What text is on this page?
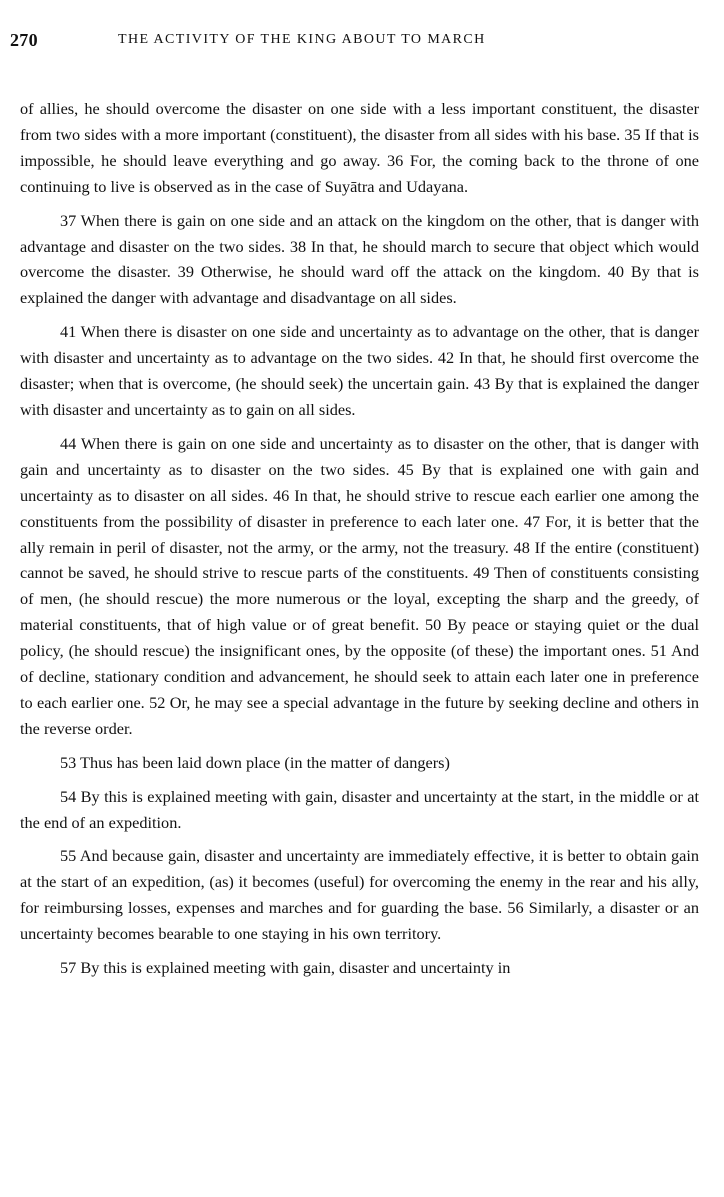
270	THE ACTIVITY OF THE KING ABOUT TO MARCH

of allies, he should overcome the disaster on one side with a less important constituent, the disaster from two sides with a more important (constituent), the disaster from all sides with his base. 35 If that is impossible, he should leave everything and go away. 36 For, the coming back to the throne of one continuing to live is observed as in the case of Suyātra and Udayana.

37 When there is gain on one side and an attack on the kingdom on the other, that is danger with advantage and disaster on the two sides. 38 In that, he should march to secure that object which would overcome the disaster. 39 Otherwise, he should ward off the attack on the kingdom. 40 By that is explained the danger with advantage and disadvantage on all sides.

41 When there is disaster on one side and uncertainty as to advantage on the other, that is danger with disaster and uncertainty as to advantage on the two sides. 42 In that, he should first overcome the disaster; when that is overcome, (he should seek) the uncertain gain. 43 By that is explained the danger with disaster and uncertainty as to gain on all sides.

44 When there is gain on one side and uncertainty as to disaster on the other, that is danger with gain and uncertainty as to disaster on the two sides. 45 By that is explained one with gain and uncertainty as to disaster on all sides. 46 In that, he should strive to rescue each earlier one among the constituents from the possibility of disaster in preference to each later one. 47 For, it is better that the ally remain in peril of disaster, not the army, or the army, not the treasury. 48 If the entire (constituent) cannot be saved, he should strive to rescue parts of the constituents. 49 Then of constituents consisting of men, (he should rescue) the more numerous or the loyal, excepting the sharp and the greedy, of material constituents, that of high value or of great benefit. 50 By peace or staying quiet or the dual policy, (he should rescue) the insignificant ones, by the opposite (of these) the important ones. 51 And of decline, stationary condition and advancement, he should seek to attain each later one in preference to each earlier one. 52 Or, he may see a special advantage in the future by seeking decline and others in the reverse order.

53 Thus has been laid down place (in the matter of dangers)

54 By this is explained meeting with gain, disaster and uncertainty at the start, in the middle or at the end of an expedition.

55 And because gain, disaster and uncertainty are immediately effective, it is better to obtain gain at the start of an expedition, (as) it becomes (useful) for overcoming the enemy in the rear and his ally, for reimbursing losses, expenses and marches and for guarding the base. 56 Similarly, a disaster or an uncertainty becomes bearable to one staying in his own territory.

57 By this is explained meeting with gain, disaster and uncertainty in
